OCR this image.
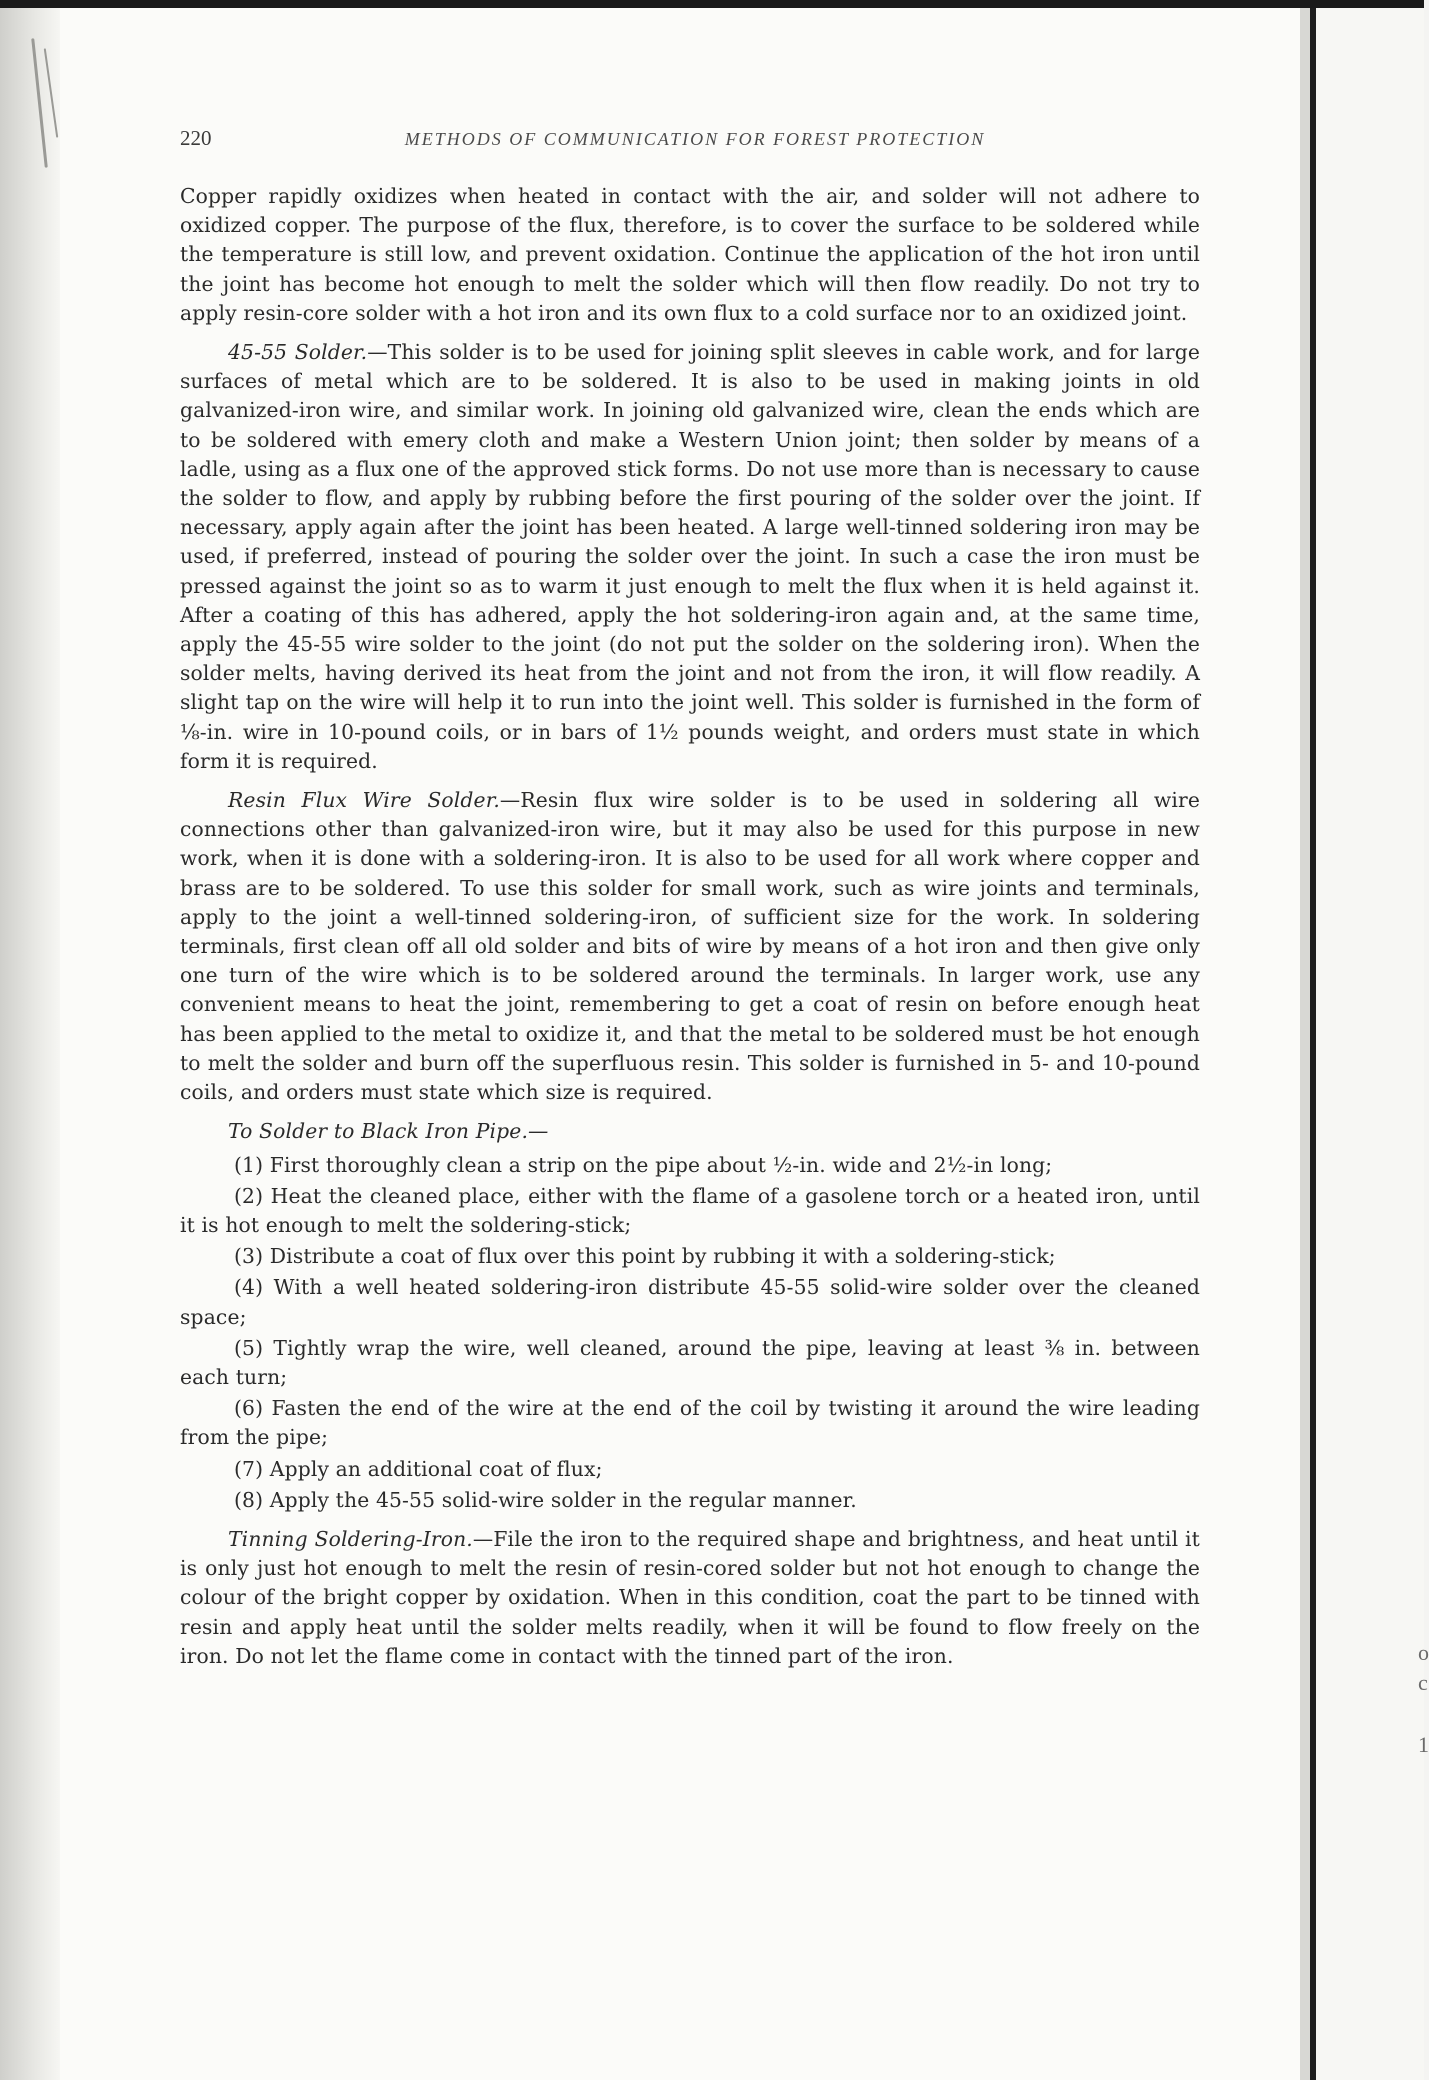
o
c
1
220	METHODS OF COMMUNICATION FOR FOREST PROTECTION

Copper rapidly oxidizes when heated in contact with the air, and solder will not adhere to oxidized copper. The purpose of the flux, therefore, is to cover the surface to be soldered while the temperature is still low, and prevent oxidation. Continue the application of the hot iron until the joint has become hot enough to melt the solder which will then flow readily. Do not try to apply resin-core solder with a hot iron and its own flux to a cold surface nor to an oxidized joint.

45-55 Solder.—This solder is to be used for joining split sleeves in cable work, and for large surfaces of metal which are to be soldered. It is also to be used in making joints in old galvanized-iron wire, and similar work. In joining old galvanized wire, clean the ends which are to be soldered with emery cloth and make a Western Union joint; then solder by means of a ladle, using as a flux one of the approved stick forms. Do not use more than is necessary to cause the solder to flow, and apply by rubbing before the first pouring of the solder over the joint. If necessary, apply again after the joint has been heated. A large well-tinned soldering iron may be used, if preferred, instead of pouring the solder over the joint. In such a case the iron must be pressed against the joint so as to warm it just enough to melt the flux when it is held against it. After a coating of this has adhered, apply the hot soldering-iron again and, at the same time, apply the 45-55 wire solder to the joint (do not put the solder on the soldering iron). When the solder melts, having derived its heat from the joint and not from the iron, it will flow readily. A slight tap on the wire will help it to run into the joint well. This solder is furnished in the form of ⅛-in. wire in 10-pound coils, or in bars of 1½ pounds weight, and orders must state in which form it is required.

Resin Flux Wire Solder.—Resin flux wire solder is to be used in soldering all wire connections other than galvanized-iron wire, but it may also be used for this purpose in new work, when it is done with a soldering-iron. It is also to be used for all work where copper and brass are to be soldered. To use this solder for small work, such as wire joints and terminals, apply to the joint a well-tinned soldering-iron, of sufficient size for the work. In soldering terminals, first clean off all old solder and bits of wire by means of a hot iron and then give only one turn of the wire which is to be soldered around the terminals. In larger work, use any convenient means to heat the joint, remembering to get a coat of resin on before enough heat has been applied to the metal to oxidize it, and that the metal to be soldered must be hot enough to melt the solder and burn off the superfluous resin. This solder is furnished in 5- and 10-pound coils, and orders must state which size is required.

To Solder to Black Iron Pipe.—

(1) First thoroughly clean a strip on the pipe about ½-in. wide and 2½-in long;

(2) Heat the cleaned place, either with the flame of a gasolene torch or a heated iron, until it is hot enough to melt the soldering-stick;

(3) Distribute a coat of flux over this point by rubbing it with a soldering-stick;

(4) With a well heated soldering-iron distribute 45-55 solid-wire solder over the cleaned space;

(5) Tightly wrap the wire, well cleaned, around the pipe, leaving at least ⅜ in. between each turn;

(6) Fasten the end of the wire at the end of the coil by twisting it around the wire leading from the pipe;

(7) Apply an additional coat of flux;

(8) Apply the 45-55 solid-wire solder in the regular manner.

Tinning Soldering-Iron.—File the iron to the required shape and brightness, and heat until it is only just hot enough to melt the resin of resin-cored solder but not hot enough to change the colour of the bright copper by oxidation. When in this condition, coat the part to be tinned with resin and apply heat until the solder melts readily, when it will be found to flow freely on the iron. Do not let the flame come in contact with the tinned part of the iron.
